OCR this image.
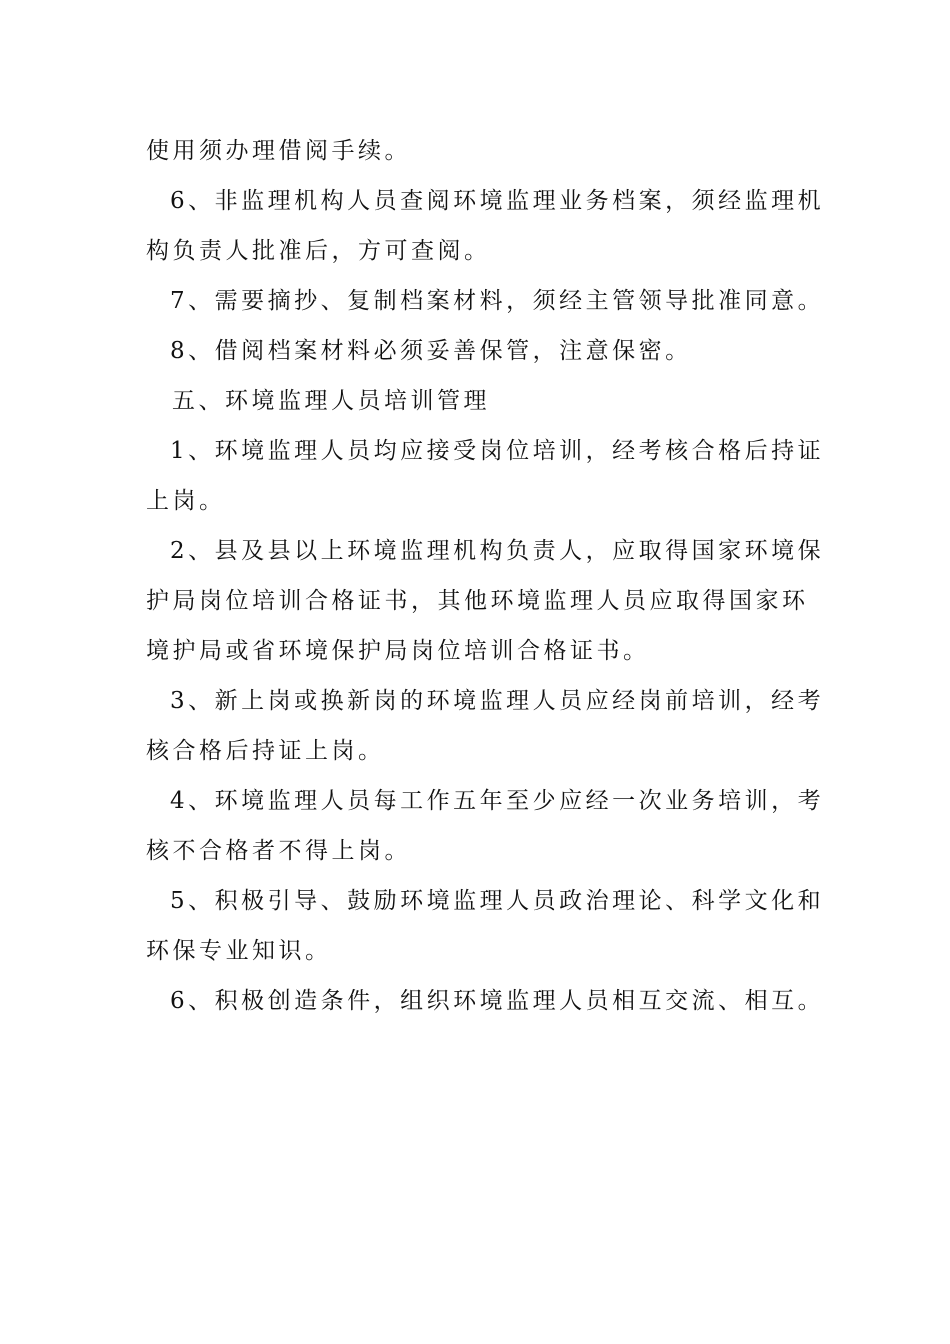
使用须办理借阅手续。

6、非监理机构人员查阅环境监理业务档案，须经监理机

构负责人批准后，方可查阅。

7、需要摘抄、复制档案材料，须经主管领导批准同意。

8、借阅档案材料必须妥善保管，注意保密。

五、环境监理人员培训管理

1、环境监理人员均应接受岗位培训，经考核合格后持证

上岗。

2、县及县以上环境监理机构负责人，应取得国家环境保

护局岗位培训合格证书，其他环境监理人员应取得国家环

境护局或省环境保护局岗位培训合格证书。

3、新上岗或换新岗的环境监理人员应经岗前培训，经考

核合格后持证上岗。

4、环境监理人员每工作五年至少应经一次业务培训，考

核不合格者不得上岗。

5、积极引导、鼓励环境监理人员政治理论、科学文化和

环保专业知识。

6、积极创造条件，组织环境监理人员相互交流、相互。
